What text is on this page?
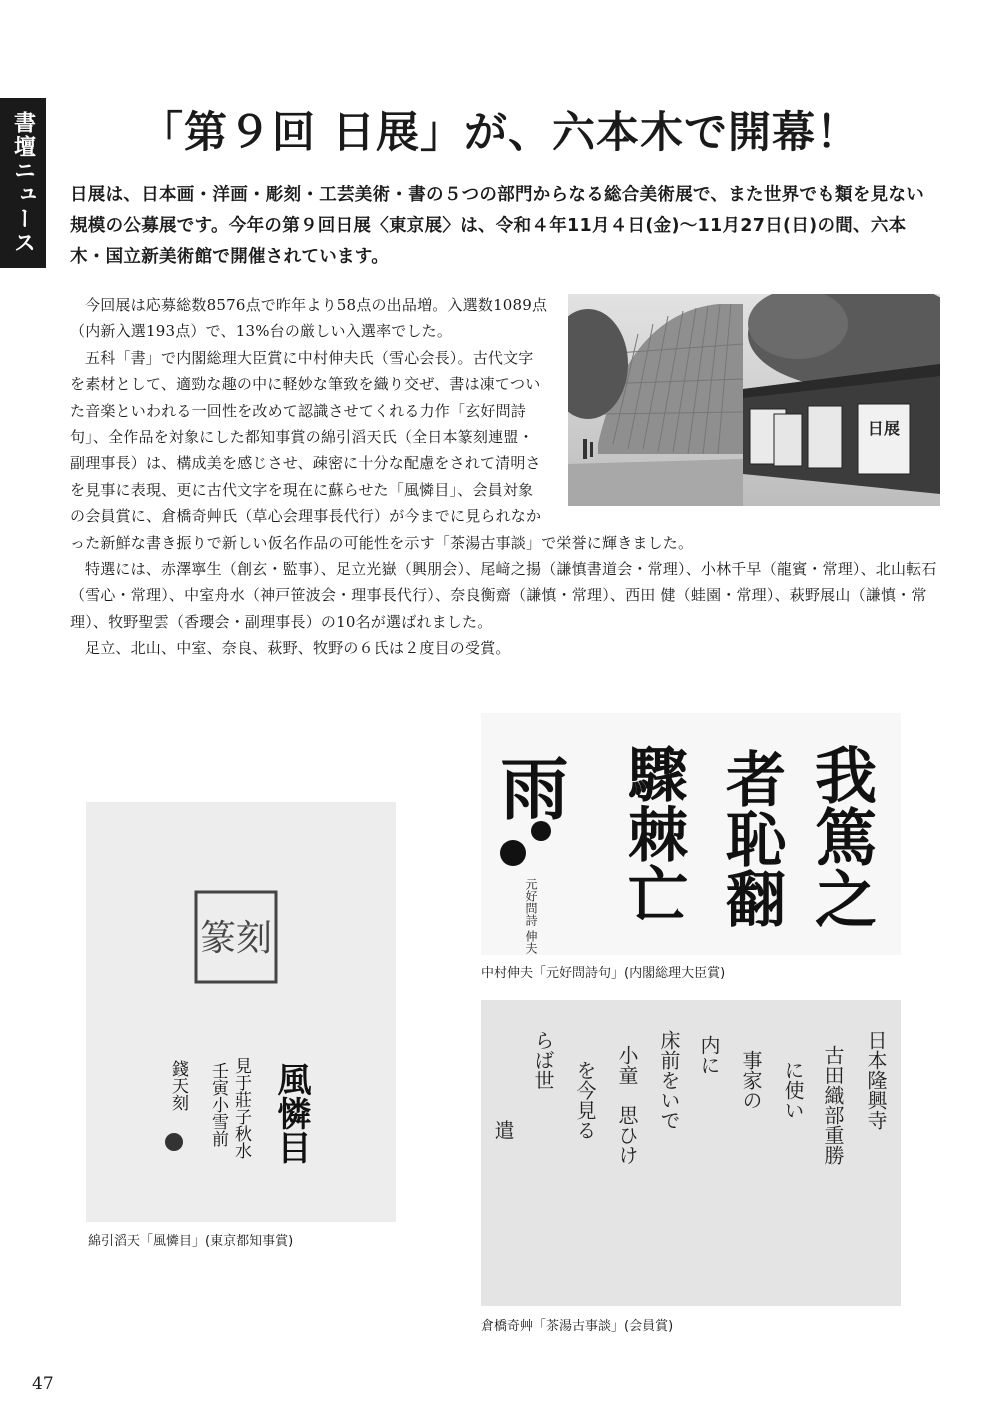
書壇ニュース	「第９回 日展」が、六本木で開幕！

日展は、日本画・洋画・彫刻・工芸美術・書の５つの部門からなる総合美術展で、また世界でも類を見ない規模の公募展です。今年の第９回日展〈東京展〉は、令和４年11月４日(金)～11月27日(日)の間、六本木・国立新美術館で開催されています。

日展

今回展は応募総数8576点で昨年より58点の出品増。入選数1089点（内新入選193点）で、13%台の厳しい入選率でした。

五科「書」で内閣総理大臣賞に中村伸夫氏（雪心会長）。古代文字を素材として、適勁な趣の中に軽妙な筆致を織り交ぜ、書は凍てついた音楽といわれる一回性を改めて認識させてくれる力作「玄好問詩句」、全作品を対象にした都知事賞の綿引滔天氏（全日本篆刻連盟・副理事長）は、構成美を感じさせ、疎密に十分な配慮をされて清明さを見事に表現、更に古代文字を現在に蘇らせた「風憐目」、会員対象の会員賞に、倉橋奇艸氏（草心会理事長代行）が今までに見られなかった新鮮な書き振りで新しい仮名作品の可能性を示す「茶湯古事談」で栄誉に輝きました。

特選には、赤澤寧生（創玄・監事）、足立光嶽（興朋会）、尾﨑之揚（謙慎書道会・常理）、小林千早（龍賓・常理）、北山転石（雪心・常理）、中室舟水（神戸笹波会・理事長代行）、奈良衡齋（謙慎・常理）、西田 健（蛙園・常理）、萩野展山（謙慎・常理）、牧野聖雲（香瓔会・副理事長）の10名が選ばれました。

足立、北山、中室、奈良、萩野、牧野の６氏は２度目の受賞。

我篤之
者恥翻
驟棘亡
雨
元好問詩 伸夫

中村伸夫「元好問詩句」(内閣総理大臣賞)

篆刻
風憐目
見于莊子秋水
壬寅小雪前
錢天刻

綿引滔天「風憐目」(東京都知事賞)

日本隆興寺
古田織部重勝
に使い
事家の
内に
床前をいで
小童　思ひけ
を今見る
らば世
遣

倉橋奇艸「茶湯古事談」(会員賞)

47
